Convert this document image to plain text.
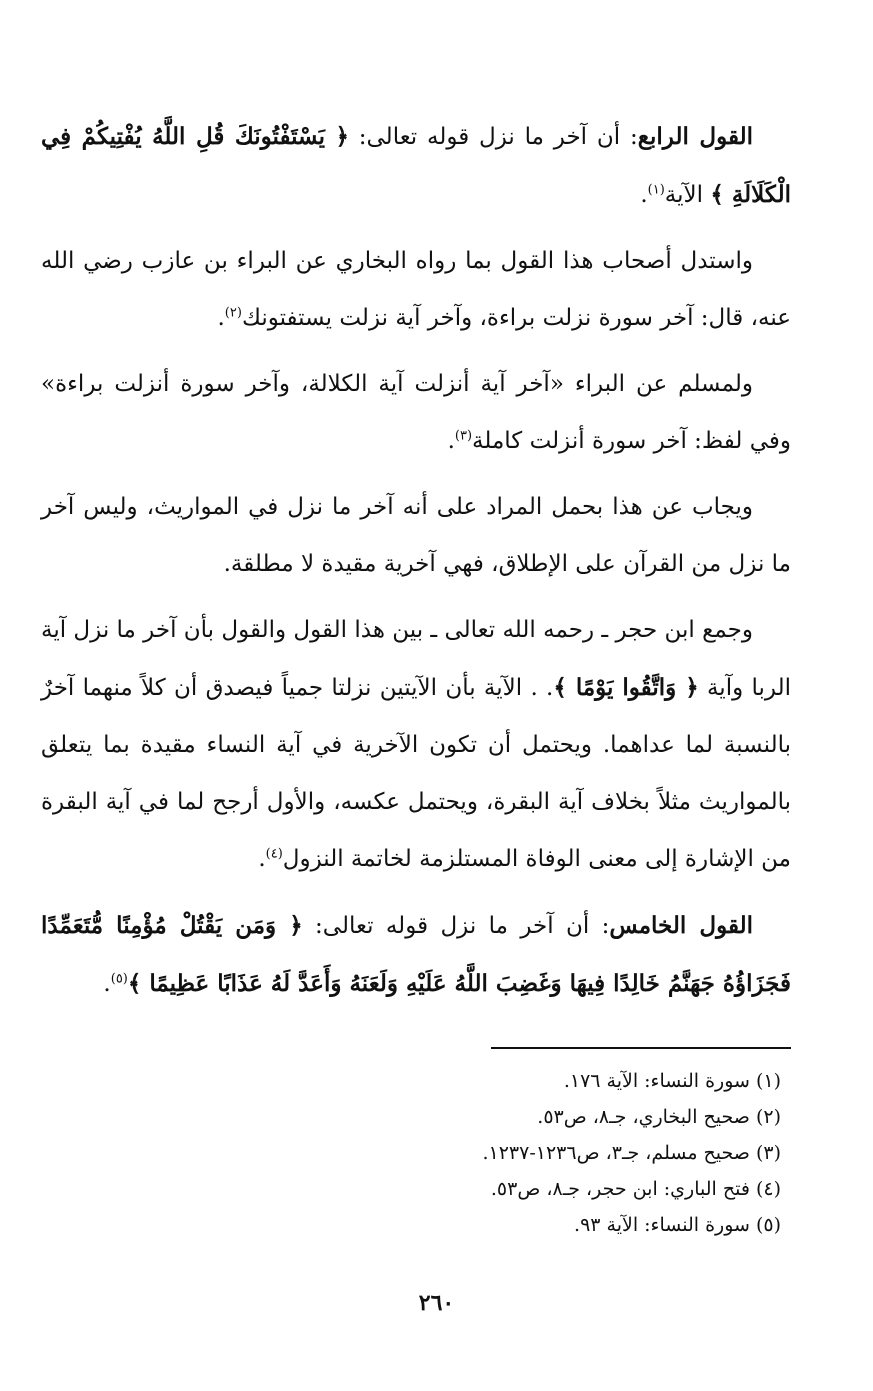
القول الرابع: أن آخر ما نزل قوله تعالى: ﴿ يَسْتَفْتُونَكَ قُلِ اللَّهُ يُفْتِيكُمْ فِي الْكَلَالَةِ ﴾ الآية$^{(١)}$.

واستدل أصحاب هذا القول بما رواه البخاري عن البراء بن عازب رضي الله عنه، قال: آخر سورة نزلت براءة، وآخر آية نزلت يستفتونك$^{(٢)}$.

ولمسلم عن البراء «آخر آية أنزلت آية الكلالة، وآخر سورة أنزلت براءة» وفي لفظ: آخر سورة أنزلت كاملة$^{(٣)}$.

ويجاب عن هذا بحمل المراد على أنه آخر ما نزل في المواريث، وليس آخر ما نزل من القرآن على الإطلاق، فهي آخرية مقيدة لا مطلقة.

وجمع ابن حجر ـ رحمه الله تعالى ـ بين هذا القول والقول بأن آخر ما نزل آية الربا وآية ﴿ وَاتَّقُوا يَوْمًا ﴾. . الآية بأن الآيتين نزلتا جمياً فيصدق أن كلاً منهما آخرٌ بالنسبة لما عداهما. ويحتمل أن تكون الآخرية في آية النساء مقيدة بما يتعلق بالمواريث مثلاً بخلاف آية البقرة، ويحتمل عكسه، والأول أرجح لما في آية البقرة من الإشارة إلى معنى الوفاة المستلزمة لخاتمة النزول$^{(٤)}$.

القول الخامس: أن آخر ما نزل قوله تعالى: ﴿ وَمَن يَقْتُلْ مُؤْمِنًا مُّتَعَمِّدًا فَجَزَاؤُهُ جَهَنَّمُ خَالِدًا فِيهَا وَغَضِبَ اللَّهُ عَلَيْهِ وَلَعَنَهُ وَأَعَدَّ لَهُ عَذَابًا عَظِيمًا ﴾$^{(٥)}$.

(١)سورة النساء: الآية ١٧٦.
(٢)صحيح البخاري، جـ٨، ص٥٣.
(٣)صحيح مسلم، جـ٣، ص١٢٣٦-١٢٣٧.
(٤)فتح الباري: ابن حجر، جـ٨، ص٥٣.
(٥)سورة النساء: الآية ٩٣.
٢٦٠
